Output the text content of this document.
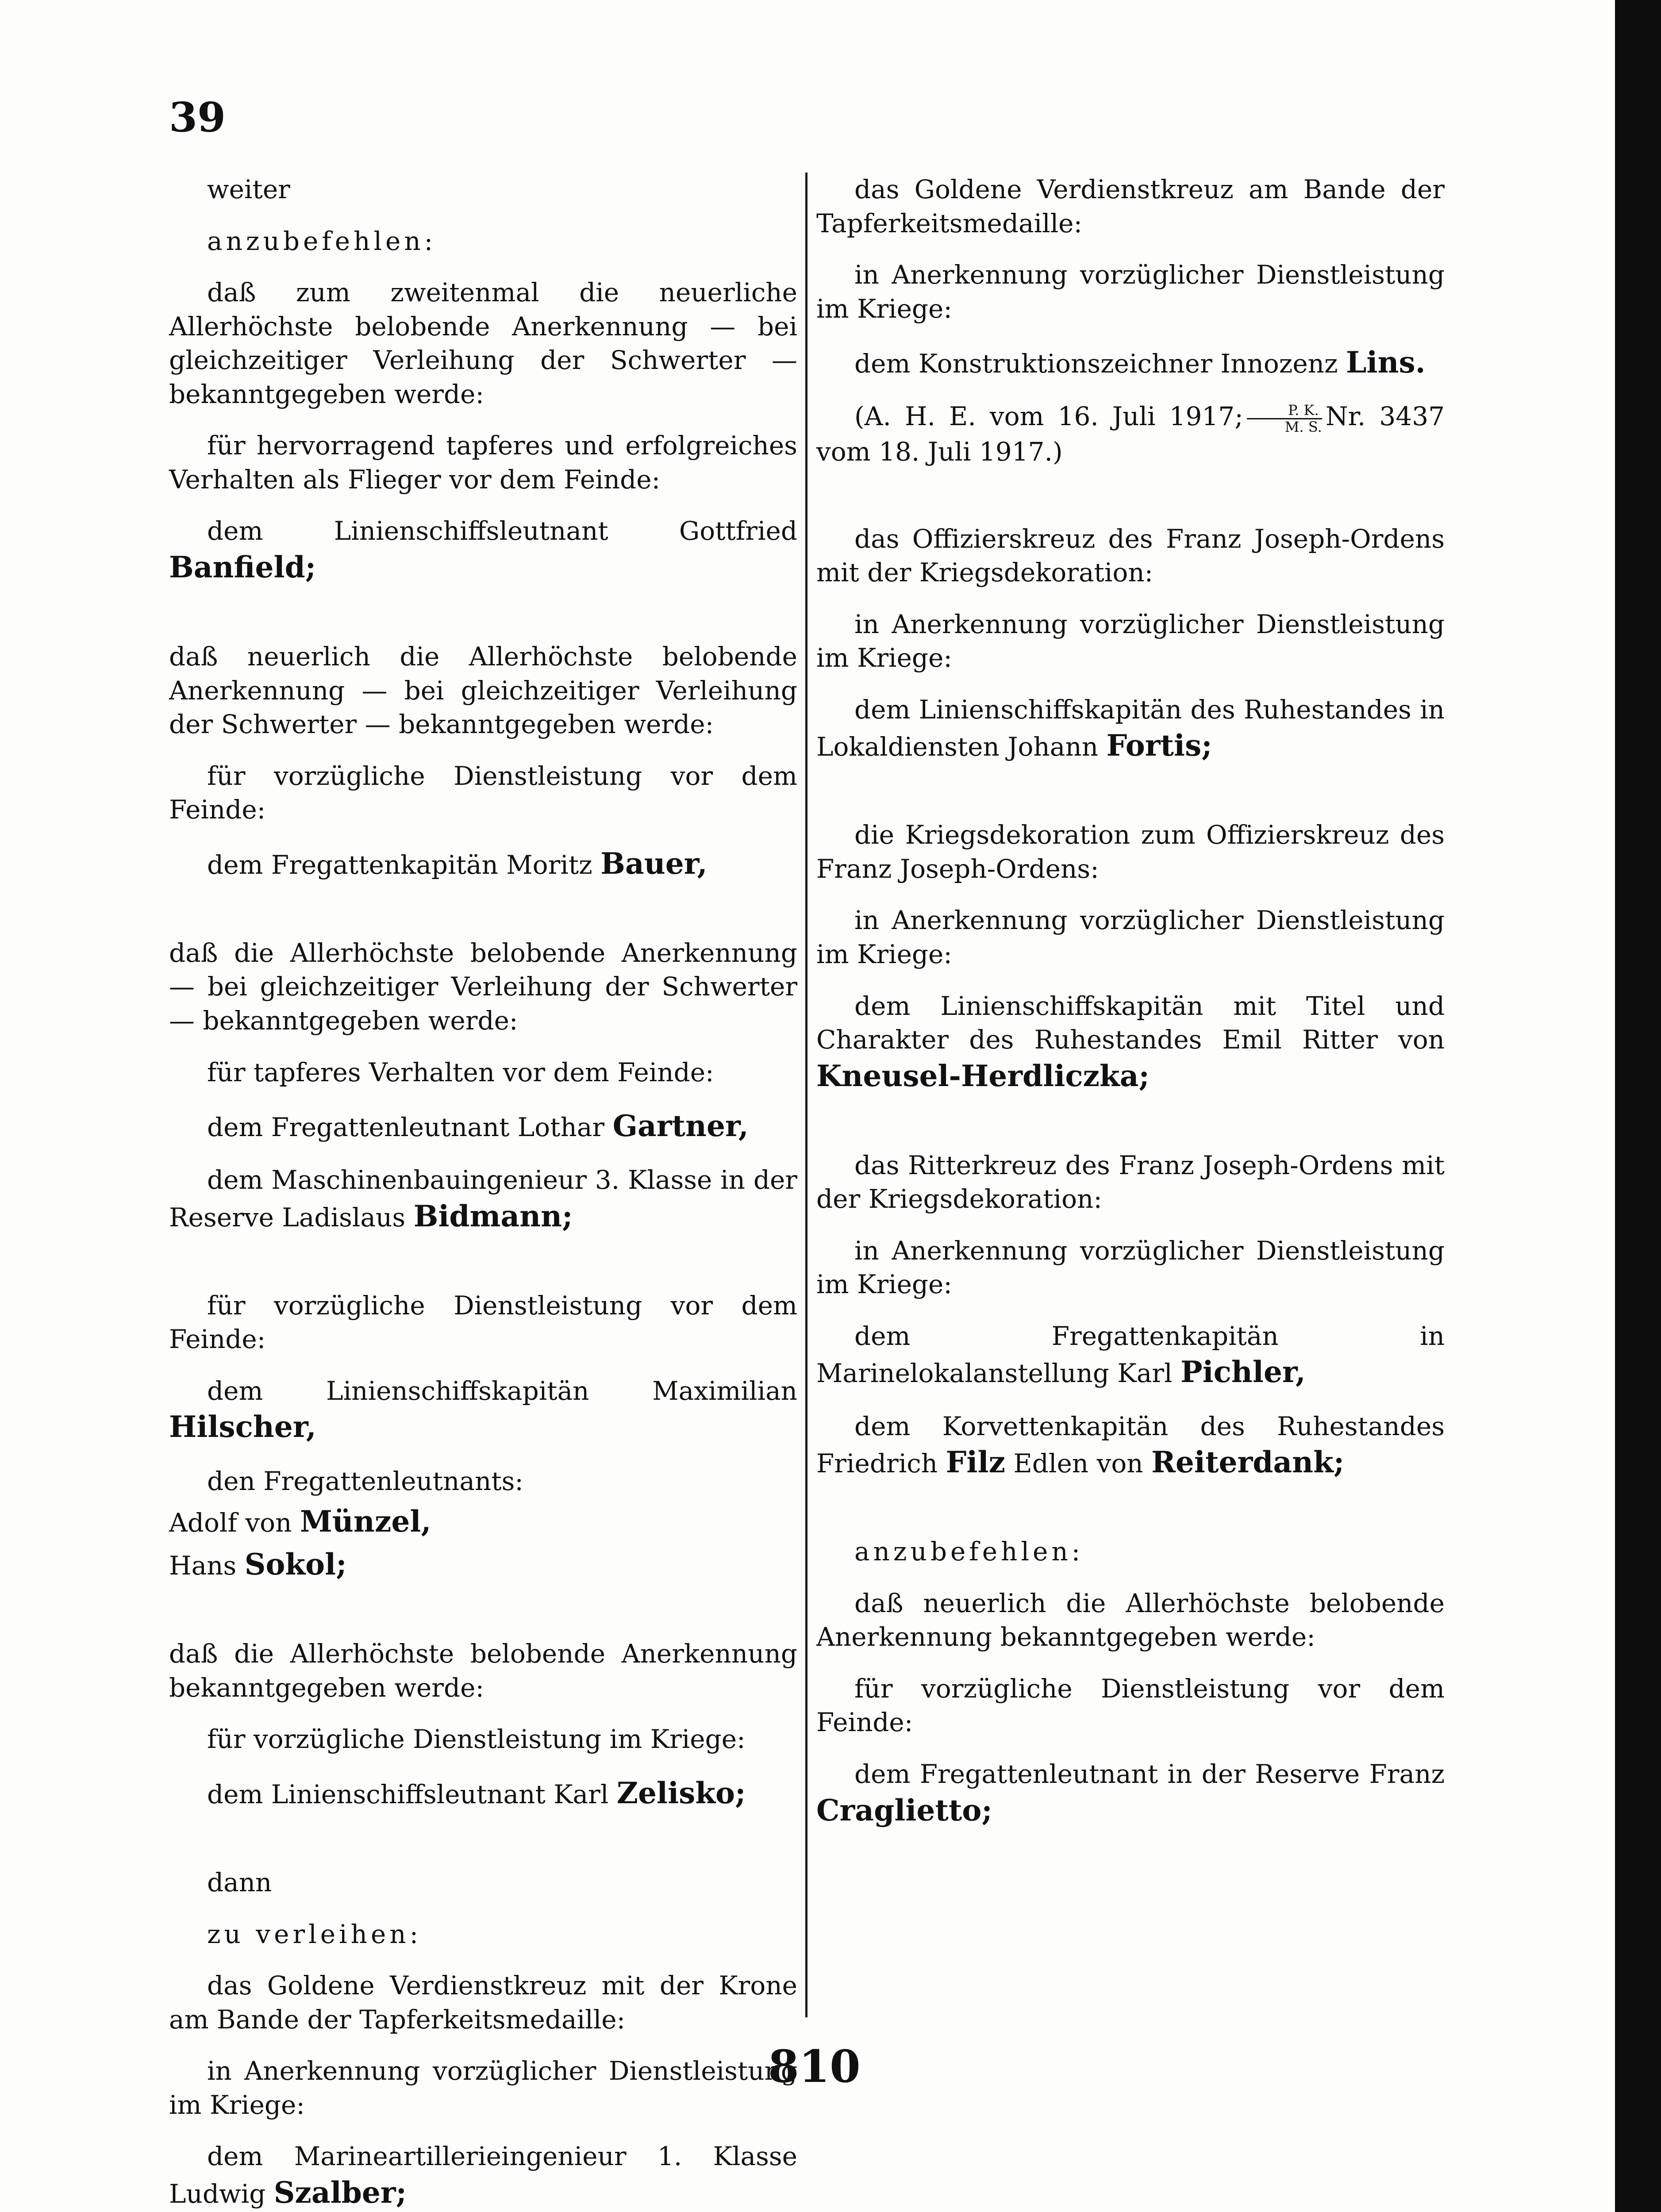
39

weiter

anzubefehlen:

daß zum zweitenmal die neuerliche Allerhöchste belobende Anerkennung — bei gleichzeitiger Verleihung der Schwerter — bekanntgegeben werde:

für hervorragend tapferes und erfolgreiches Verhalten als Flieger vor dem Feinde:

dem Linienschiffsleutnant Gottfried Banfield;

daß neuerlich die Allerhöchste belobende Anerkennung — bei gleichzeitiger Verleihung der Schwerter — bekanntgegeben werde:

für vorzügliche Dienstleistung vor dem Feinde:

dem Fregattenkapitän Moritz Bauer,

daß die Allerhöchste belobende Anerkennung — bei gleichzeitiger Verleihung der Schwerter — bekanntgegeben werde:

für tapferes Verhalten vor dem Feinde:

dem Fregattenleutnant Lothar Gartner,

dem Maschinenbauingenieur 3. Klasse in der Reserve Ladislaus Bidmann;

für vorzügliche Dienstleistung vor dem Feinde:

dem Linienschiffskapitän Maximilian Hilscher,

den Fregattenleutnants:

Adolf von Münzel,

Hans Sokol;

daß die Allerhöchste belobende Anerkennung bekanntgegeben werde:

für vorzügliche Dienstleistung im Kriege:

dem Linienschiffsleutnant Karl Zelisko;

dann

zu verleihen:

das Goldene Verdienstkreuz mit der Krone am Bande der Tapferkeitsmedaille:

in Anerkennung vorzüglicher Dienstleistung im Kriege:

dem Marineartillerieingenieur 1. Klasse Ludwig Szalber;

das Goldene Verdienstkreuz am Bande der Tapferkeitsmedaille:

in Anerkennung vorzüglicher Dienstleistung im Kriege:

dem Konstruktionszeichner Innozenz Lins.

(A. H. E. vom 16. Juli 1917; $\frac{P. K.}{M. S.} Nr$. 3437 vom 18. Juli 1917.)

das Offizierskreuz des Franz Joseph-Ordens mit der Kriegsdekoration:

in Anerkennung vorzüglicher Dienstleistung im Kriege:

dem Linienschiffskapitän des Ruhestandes in Lokaldiensten Johann Fortis;

die Kriegsdekoration zum Offizierskreuz des Franz Joseph-Ordens:

in Anerkennung vorzüglicher Dienstleistung im Kriege:

dem Linienschiffskapitän mit Titel und Charakter des Ruhestandes Emil Ritter von Kneusel-Herdliczka;

das Ritterkreuz des Franz Joseph-Ordens mit der Kriegsdekoration:

in Anerkennung vorzüglicher Dienstleistung im Kriege:

dem Fregattenkapitän in Marinelokalanstellung Karl Pichler,

dem Korvettenkapitän des Ruhestandes Friedrich Filz Edlen von Reiterdank;

anzubefehlen:

daß neuerlich die Allerhöchste belobende Anerkennung bekanntgegeben werde:

für vorzügliche Dienstleistung vor dem Feinde:

dem Fregattenleutnant in der Reserve Franz Craglietto;

810
